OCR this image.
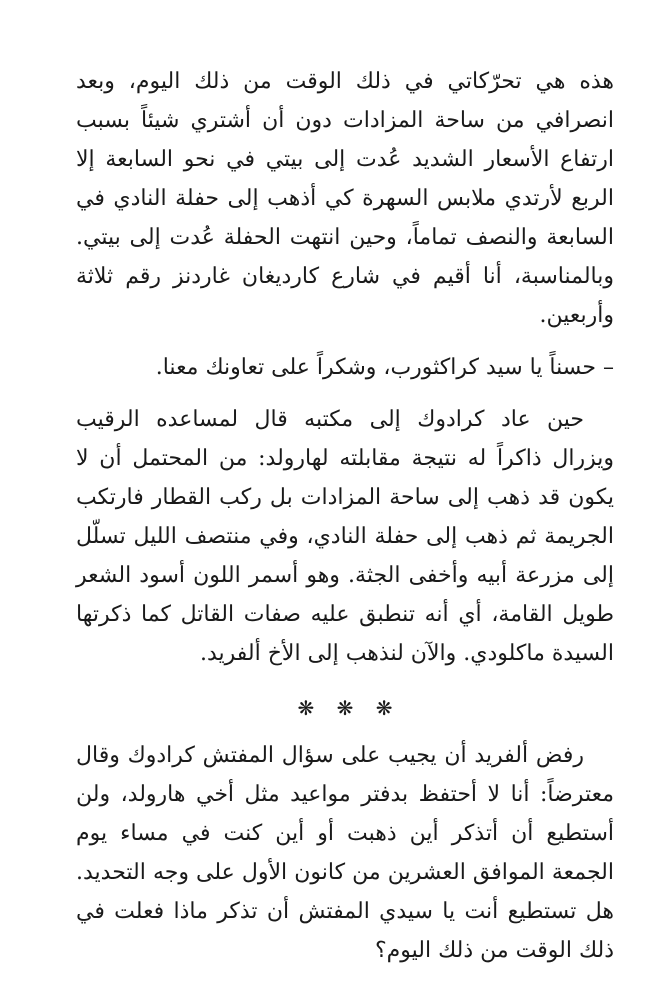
هذه هي تحرّكاتي في ذلك الوقت من ذلك اليوم، وبعد انصرافي من ساحة المزادات دون أن أشتري شيئاً بسبب ارتفاع الأسعار الشديد عُدت إلى بيتي في نحو السابعة إلا الربع لأرتدي ملابس السهرة كي أذهب إلى حفلة النادي في السابعة والنصف تماماً، وحين انتهت الحفلة عُدت إلى بيتي. وبالمناسبة، أنا أقيم في شارع كارديغان غاردنز رقم ثلاثة وأربعين.

– حسناً يا سيد كراكثورب، وشكراً على تعاونك معنا.

حين عاد كرادوك إلى مكتبه قال لمساعده الرقيب ويزرال ذاكراً له نتيجة مقابلته لهارولد: من المحتمل أن لا يكون قد ذهب إلى ساحة المزادات بل ركب القطار فارتكب الجريمة ثم ذهب إلى حفلة النادي، وفي منتصف الليل تسلّل إلى مزرعة أبيه وأخفى الجثة. وهو أسمر اللون أسود الشعر طويل القامة، أي أنه تنطبق عليه صفات القاتل كما ذكرتها السيدة ماكلودي. والآن لنذهب إلى الأخ ألفريد.

❋ ❋ ❋

رفض ألفريد أن يجيب على سؤال المفتش كرادوك وقال معترضاً: أنا لا أحتفظ بدفتر مواعيد مثل أخي هارولد، ولن أستطيع أن أتذكر أين ذهبت أو أين كنت في مساء يوم الجمعة الموافق العشرين من كانون الأول على وجه التحديد. هل تستطيع أنت يا سيدي المفتش أن تذكر ماذا فعلت في ذلك الوقت من ذلك اليوم؟
